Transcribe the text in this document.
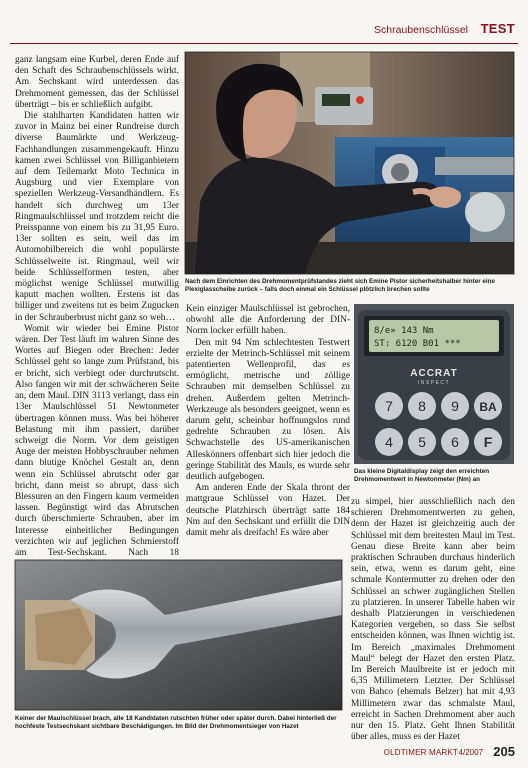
Schraubenschlüssel TEST

ganz langsam eine Kurbel, deren Ende auf den Schaft des Schraubenschlüssels wirkt. Am Sechskant wird unterdessen das Drehmoment gemessen, das der Schlüssel überträgt – bis er schließlich aufgibt.

Die stahlharten Kandidaten hatten wir zuvor in Mainz bei einer Rundreise durch diverse Baumärkte und Werkzeug-Fachhandlungen zusammengekauft. Hinzu kamen zwei Schlüssel von Billiganbietern auf dem Teilemarkt Moto Technica in Augsburg und vier Exemplare von speziellen Werkzeug-Versandhändlern. Es handelt sich durchweg um 13er Ringmaulschlüssel und trotzdem reicht die Preisspanne von einem bis zu 31,95 Euro. 13er sollten es sein, weil das im Automobilbereich die wohl populärste Schlüsselweite ist. Ringmaul, weil wir beide Schlüsselformen testen, aber möglichst wenige Schlüssel mutwillig kaputt machen wollten. Erstens ist das billiger und zweitens tut es beim Zugucken in der Schrauberbrust nicht ganz so weh…

Womit wir wieder bei Emine Pistor wären. Der Test läuft im wahren Sinne des Wortes auf Biegen oder Brechen: Jeder Schlüssel geht so lange zum Prüfstand, bis er bricht, sich verbiegt oder durchrutscht. Also fangen wir mit der schwächeren Seite an, dem Maul. DIN 3113 verlangt, dass ein 13er Maulschlüssel 51 Newtonmeter übertragen können muss. Was bei höherer Belastung mit ihm passiert, darüber schweigt die Norm. Vor dem geistigen Auge der meisten Hobbyschrauber nehmen dann blutige Knöchel Gestalt an, denn wenn ein Schlüssel abrutscht oder gar bricht, dann meist so abrupt, dass sich Blessuren an den Fingern kaum vermeiden lassen. Begünstigt wird das Abrutschen durch überschmierte Schrauben, aber im Interesse einheitlicher Bedingungen verzichten wir auf jeglichen Schmierstoff am Test-Sechskant. Nach 18

Nach dem Einrichten des Drehmomentprüfstandes zieht sich Emine Pistor sicherheitshalber hinter eine Plexiglasscheibe zurück – falls doch einmal ein Schlüssel plötzlich brechen sollte

Kein einziger Maulschlüssel ist gebrochen, obwohl alle die Anforderung der DIN-Norm locker erfüllt haben.

Den mit 94 Nm schlechtesten Testwert erzielte der Metrinch-Schlüssel mit seinem patentierten Wellenprofil, das es ermöglicht, metrische und zöllige Schrauben mit demselben Schlüssel zu drehen. Außerdem gelten Metrinch-Werkzeuge als besonders geeignet, wenn es darum geht, scheinbar hoffnungslos rund gedrehte Schrauben zu lösen. Als Schwachstelle des US-amerikanischen Alleskönners offenbart sich hier jedoch die geringe Stabilität des Mauls, es wurde sehr deutlich aufgebogen.

Am anderen Ende der Skala thront der mattgraue Schlüssel von Hazet. Der deutsche Platzhirsch überträgt satte 184 Nm auf den Sechskant und erfüllt die DIN damit mehr als dreifach! Es wäre aber

8/e» 143 Nm
ST: 6120 B01 ***
ACCRAT
INSPECT
7 8 9 BA
4 5 6 F
Das kleine Digitaldisplay zeigt den erreichten Drehmomentwert in Newtonmeter (Nm) an
Keiner der Maulschlüssel brach, alle 18 Kandidaten rutschten früher oder später durch. Dabei hinterließ der hochfeste Testsechskant sichtbare Beschädigungen. Im Bild der Drehmomentsieger von Hazet

zu simpel, hier ausschließlich nach den schieren Drehmomentwerten zu gehen, denn der Hazet ist gleichzeitig auch der Schlüssel mit dem breitesten Maul im Test. Genau diese Breite kann aber beim praktischen Schrauben durchaus hinderlich sein, etwa, wenn es darum geht, eine schmale Kontermutter zu drehen oder den Schlüssel an schwer zugänglichen Stellen zu platzieren. In unserer Tabelle haben wir deshalb Platzierungen in verschiedenen Kategorien vergeben, so dass Sie selbst entscheiden können, was Ihnen wichtig ist. Im Bereich „maximales Drehmoment Maul“ belegt der Hazet den ersten Platz. Im Bereich Maulbreite ist er jedoch mit 6,35 Millimetern Letzter. Der Schlüssel von Bahco (ehemals Belzer) hat mit 4,93 Millimetern zwar das schmalste Maul, erreicht in Sachen Drehmoment aber auch nur den 15. Platz. Geht Ihnen Stabilität über alles, muss es der Hazet

OLDTIMER MARKT 4/2007 205
